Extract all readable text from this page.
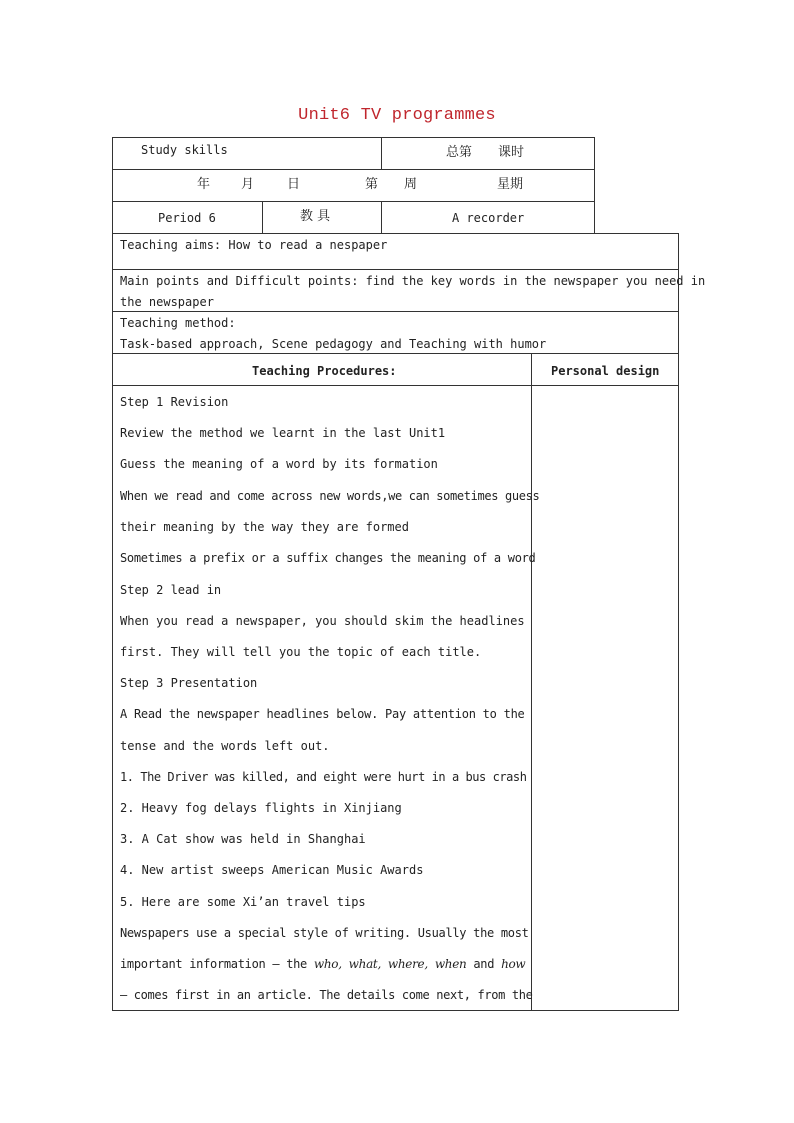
Unit6 TV programmes
Study skills	总第　　课时
年 月	日	第　　周	星期
Period 6	教 具	A recorder
Teaching aims: How to read a nespaper
Main points and Difficult points: find the key words in the newspaper you need in
the newspaper
Teaching method:
Task-based approach, Scene pedagogy and Teaching with humor
Teaching Procedures:	Personal design
Step 1 Revision
Review the method we learnt in the last Unit1
Guess the meaning of a word by its formation
When we read and come across new words,we can sometimes guess
their meaning by the way they are formed
Sometimes a prefix or a suffix changes the meaning of a word
Step 2 lead in
When you read a newspaper, you should skim the headlines
first. They will tell you the topic of each title.
Step 3 Presentation
A Read the newspaper headlines below. Pay attention to the
tense and the words left out.
1. The Driver was killed, and eight were hurt in a bus crash
2. Heavy fog delays flights in Xinjiang
3. A Cat show was held in Shanghai
4. New artist sweeps American Music Awards
5. Here are some Xi’an travel tips
Newspapers use a special style of writing. Usually the most
important information — the who, what, where, when and how
— comes first in an article. The details come next, from the
